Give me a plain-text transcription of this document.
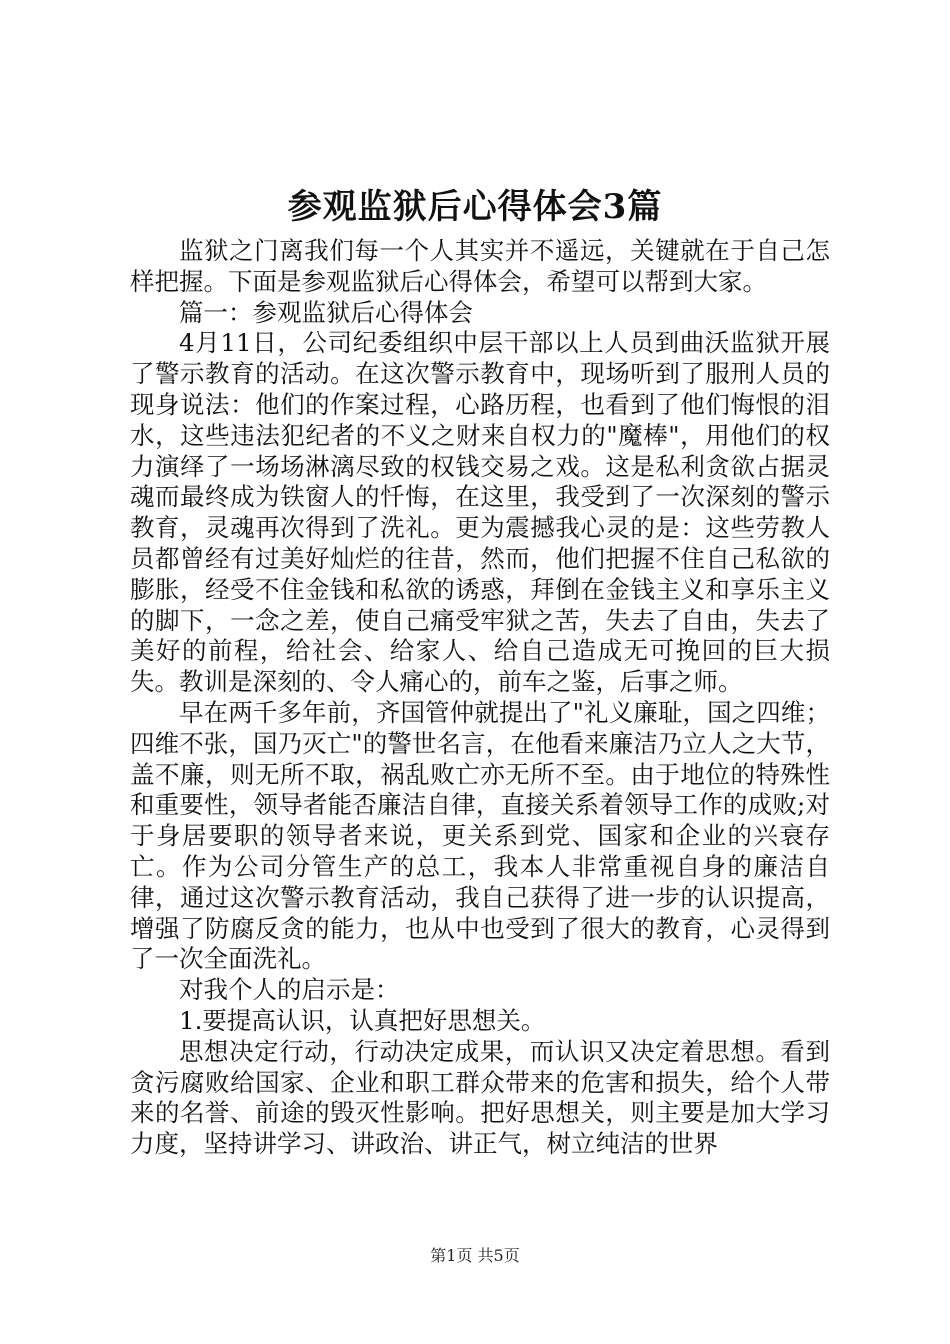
参观监狱后心得体会3篇

监狱之门离我们每一个人其实并不遥远，关键就在于自己怎样把握。下面是参观监狱后心得体会，希望可以帮到大家。

篇一：参观监狱后心得体会

4月11日，公司纪委组织中层干部以上人员到曲沃监狱开展了警示教育的活动。在这次警示教育中，现场听到了服刑人员的现身说法：他们的作案过程，心路历程，也看到了他们悔恨的泪水，这些违法犯纪者的不义之财来自权力的"魔棒"，用他们的权力演绎了一场场淋漓尽致的权钱交易之戏。这是私利贪欲占据灵魂而最终成为铁窗人的忏悔，在这里，我受到了一次深刻的警示教育，灵魂再次得到了洗礼。更为震撼我心灵的是：这些劳教人员都曾经有过美好灿烂的往昔，然而，他们把握不住自己私欲的膨胀，经受不住金钱和私欲的诱惑，拜倒在金钱主义和享乐主义的脚下，一念之差，使自己痛受牢狱之苦，失去了自由，失去了美好的前程，给社会、给家人、给自己造成无可挽回的巨大损失。教训是深刻的、令人痛心的，前车之鉴，后事之师。

早在两千多年前，齐国管仲就提出了"礼义廉耻，国之四维；四维不张，国乃灭亡"的警世名言，在他看来廉洁乃立人之大节，盖不廉，则无所不取，祸乱败亡亦无所不至。由于地位的特殊性和重要性，领导者能否廉洁自律，直接关系着领导工作的成败;对于身居要职的领导者来说，更关系到党、国家和企业的兴衰存亡。作为公司分管生产的总工，我本人非常重视自身的廉洁自律，通过这次警示教育活动，我自己获得了进一步的认识提高，增强了防腐反贪的能力，也从中也受到了很大的教育，心灵得到了一次全面洗礼。

对我个人的启示是：

1.要提高认识，认真把好思想关。

思想决定行动，行动决定成果，而认识又决定着思想。看到贪污腐败给国家、企业和职工群众带来的危害和损失，给个人带来的名誉、前途的毁灭性影响。把好思想关，则主要是加大学习力度，坚持讲学习、讲政治、讲正气，树立纯洁的世界

第1页 共5页
